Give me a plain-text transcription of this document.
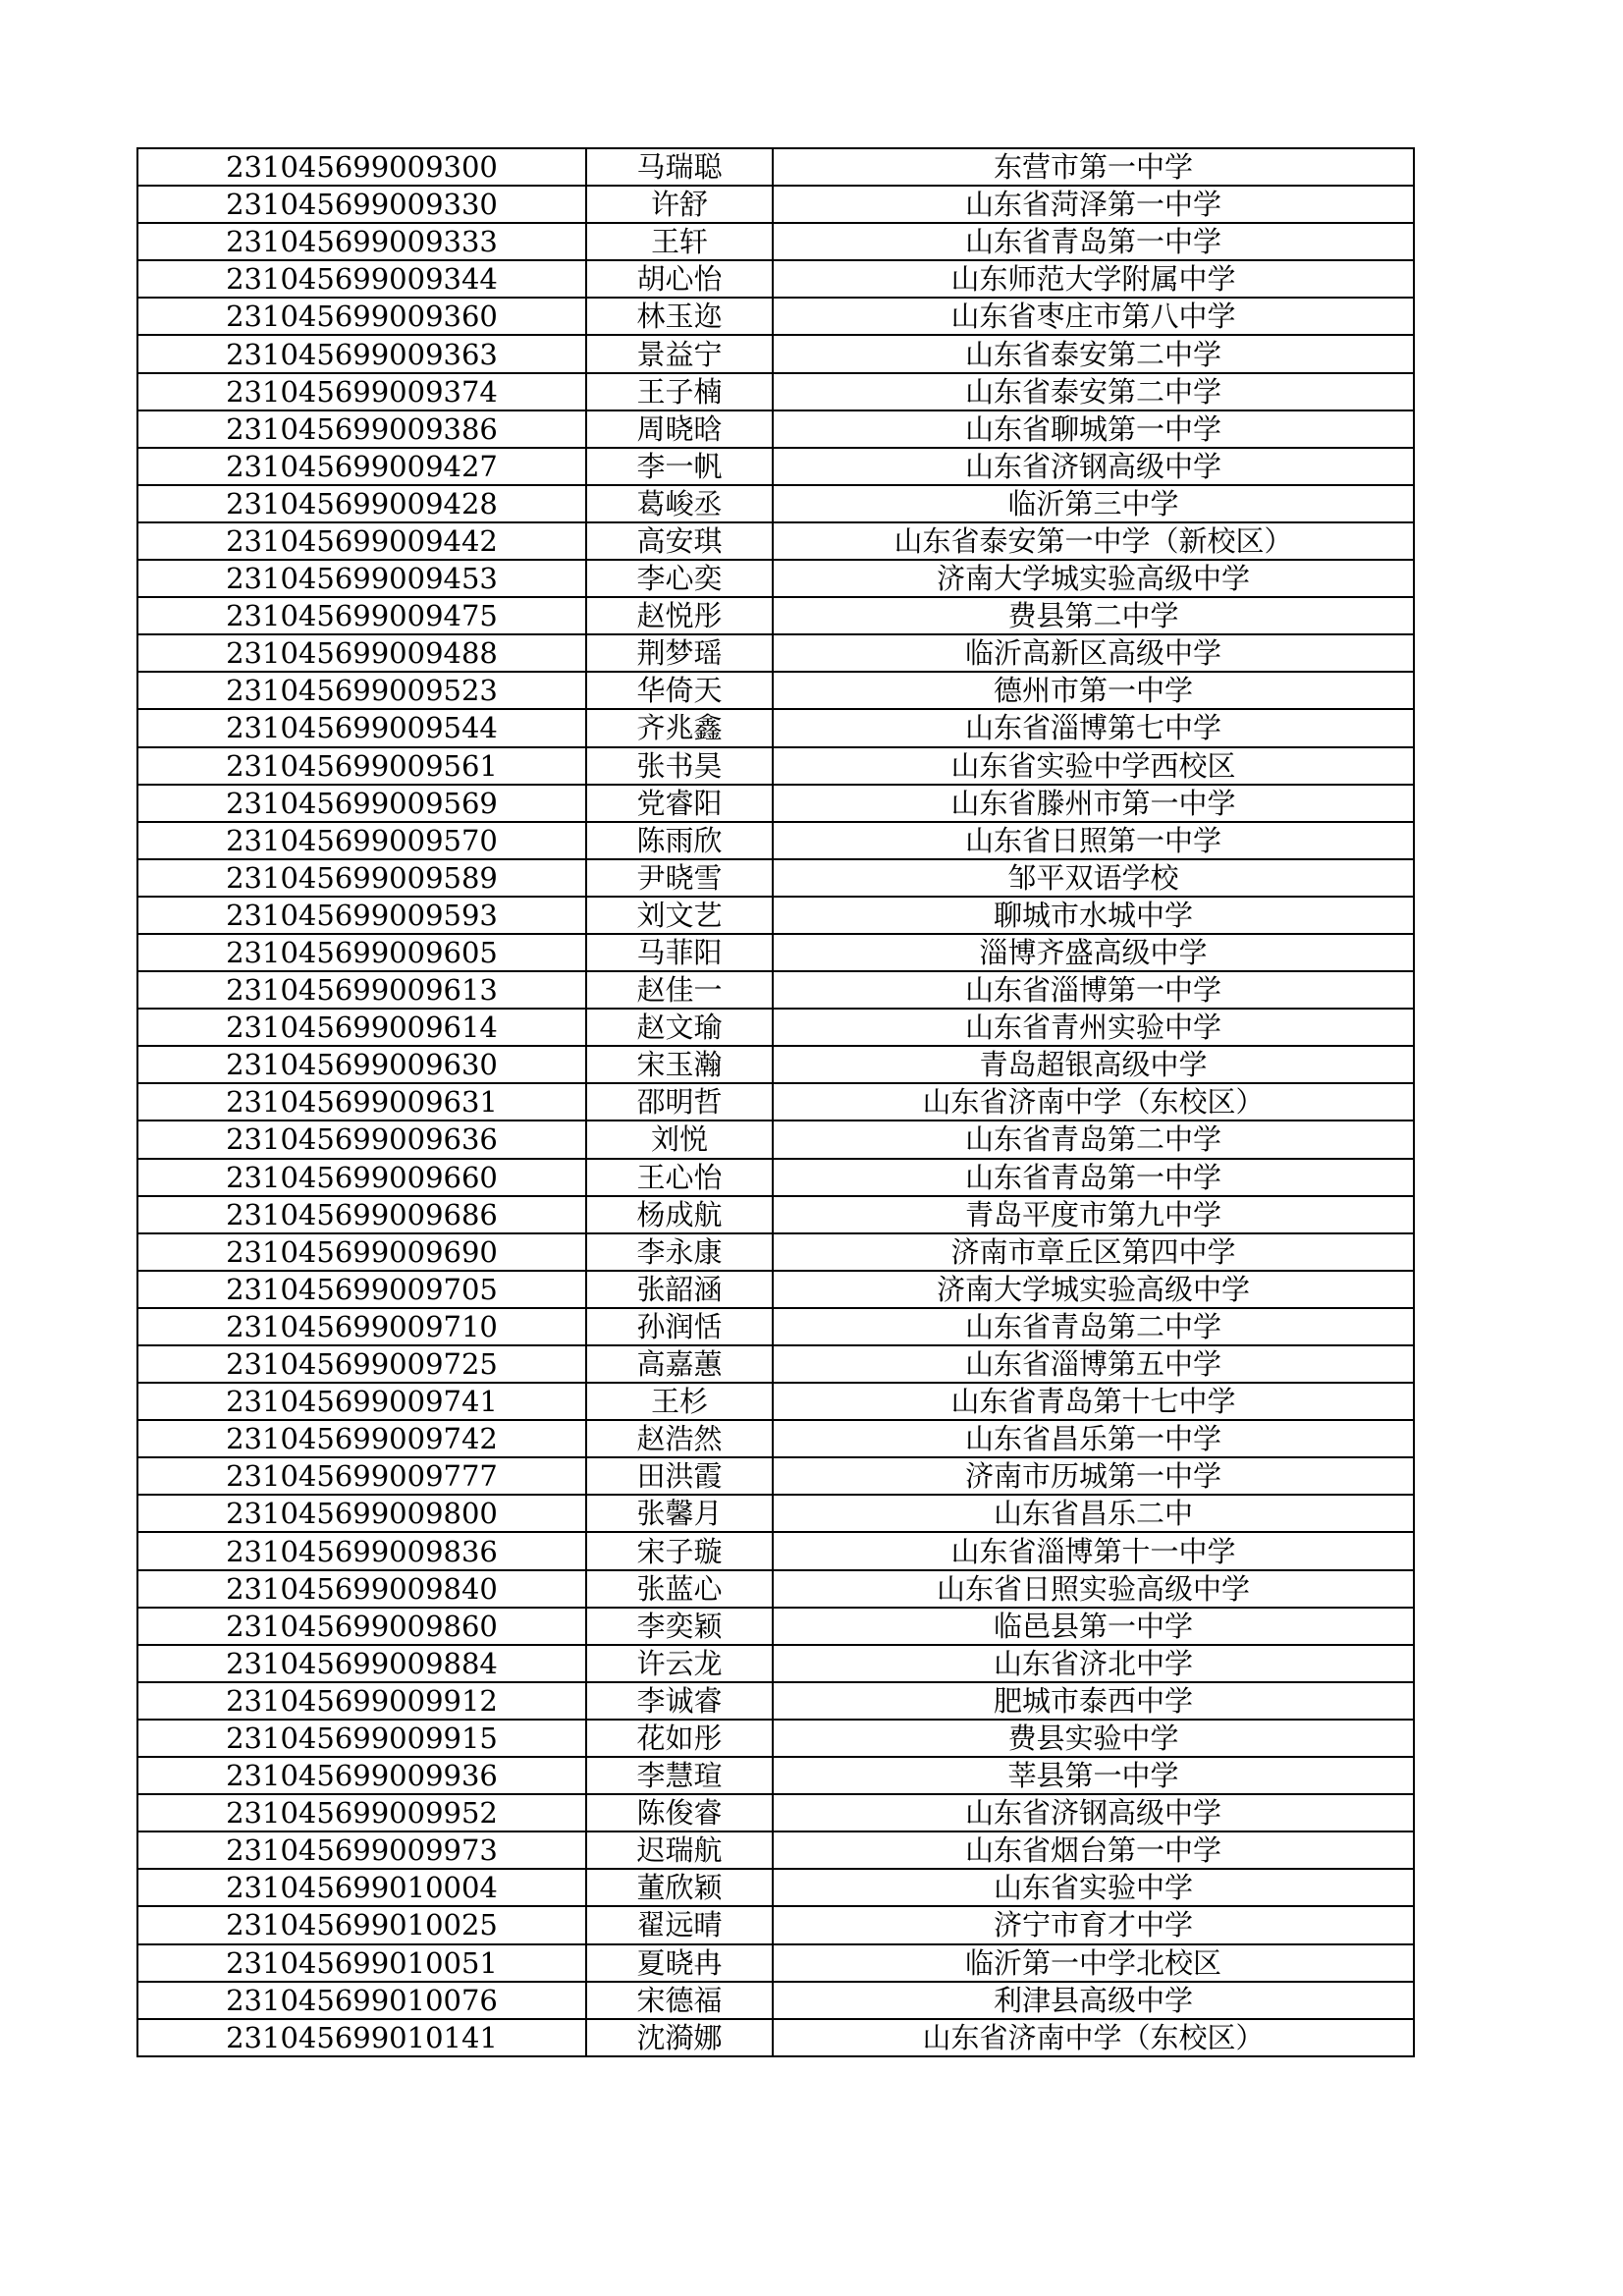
231045699009300	马瑞聪	东营市第一中学
231045699009330	许舒	山东省菏泽第一中学
231045699009333	王轩	山东省青岛第一中学
231045699009344	胡心怡	山东师范大学附属中学
231045699009360	林玉迩	山东省枣庄市第八中学
231045699009363	景益宁	山东省泰安第二中学
231045699009374	王子楠	山东省泰安第二中学
231045699009386	周晓晗	山东省聊城第一中学
231045699009427	李一帆	山东省济钢高级中学
231045699009428	葛峻丞	临沂第三中学
231045699009442	高安琪	山东省泰安第一中学（新校区）
231045699009453	李心奕	济南大学城实验高级中学
231045699009475	赵悦彤	费县第二中学
231045699009488	荆梦瑶	临沂高新区高级中学
231045699009523	华倚天	德州市第一中学
231045699009544	齐兆鑫	山东省淄博第七中学
231045699009561	张书昊	山东省实验中学西校区
231045699009569	党睿阳	山东省滕州市第一中学
231045699009570	陈雨欣	山东省日照第一中学
231045699009589	尹晓雪	邹平双语学校
231045699009593	刘文艺	聊城市水城中学
231045699009605	马菲阳	淄博齐盛高级中学
231045699009613	赵佳一	山东省淄博第一中学
231045699009614	赵文瑜	山东省青州实验中学
231045699009630	宋玉瀚	青岛超银高级中学
231045699009631	邵明哲	山东省济南中学（东校区）
231045699009636	刘悦	山东省青岛第二中学
231045699009660	王心怡	山东省青岛第一中学
231045699009686	杨成航	青岛平度市第九中学
231045699009690	李永康	济南市章丘区第四中学
231045699009705	张韶涵	济南大学城实验高级中学
231045699009710	孙润恬	山东省青岛第二中学
231045699009725	高嘉蕙	山东省淄博第五中学
231045699009741	王杉	山东省青岛第十七中学
231045699009742	赵浩然	山东省昌乐第一中学
231045699009777	田洪霞	济南市历城第一中学
231045699009800	张馨月	山东省昌乐二中
231045699009836	宋子璇	山东省淄博第十一中学
231045699009840	张蓝心	山东省日照实验高级中学
231045699009860	李奕颖	临邑县第一中学
231045699009884	许云龙	山东省济北中学
231045699009912	李诚睿	肥城市泰西中学
231045699009915	花如彤	费县实验中学
231045699009936	李慧瑄	莘县第一中学
231045699009952	陈俊睿	山东省济钢高级中学
231045699009973	迟瑞航	山东省烟台第一中学
231045699010004	董欣颖	山东省实验中学
231045699010025	翟远晴	济宁市育才中学
231045699010051	夏晓冉	临沂第一中学北校区
231045699010076	宋德福	利津县高级中学
231045699010141	沈漪娜	山东省济南中学（东校区）
